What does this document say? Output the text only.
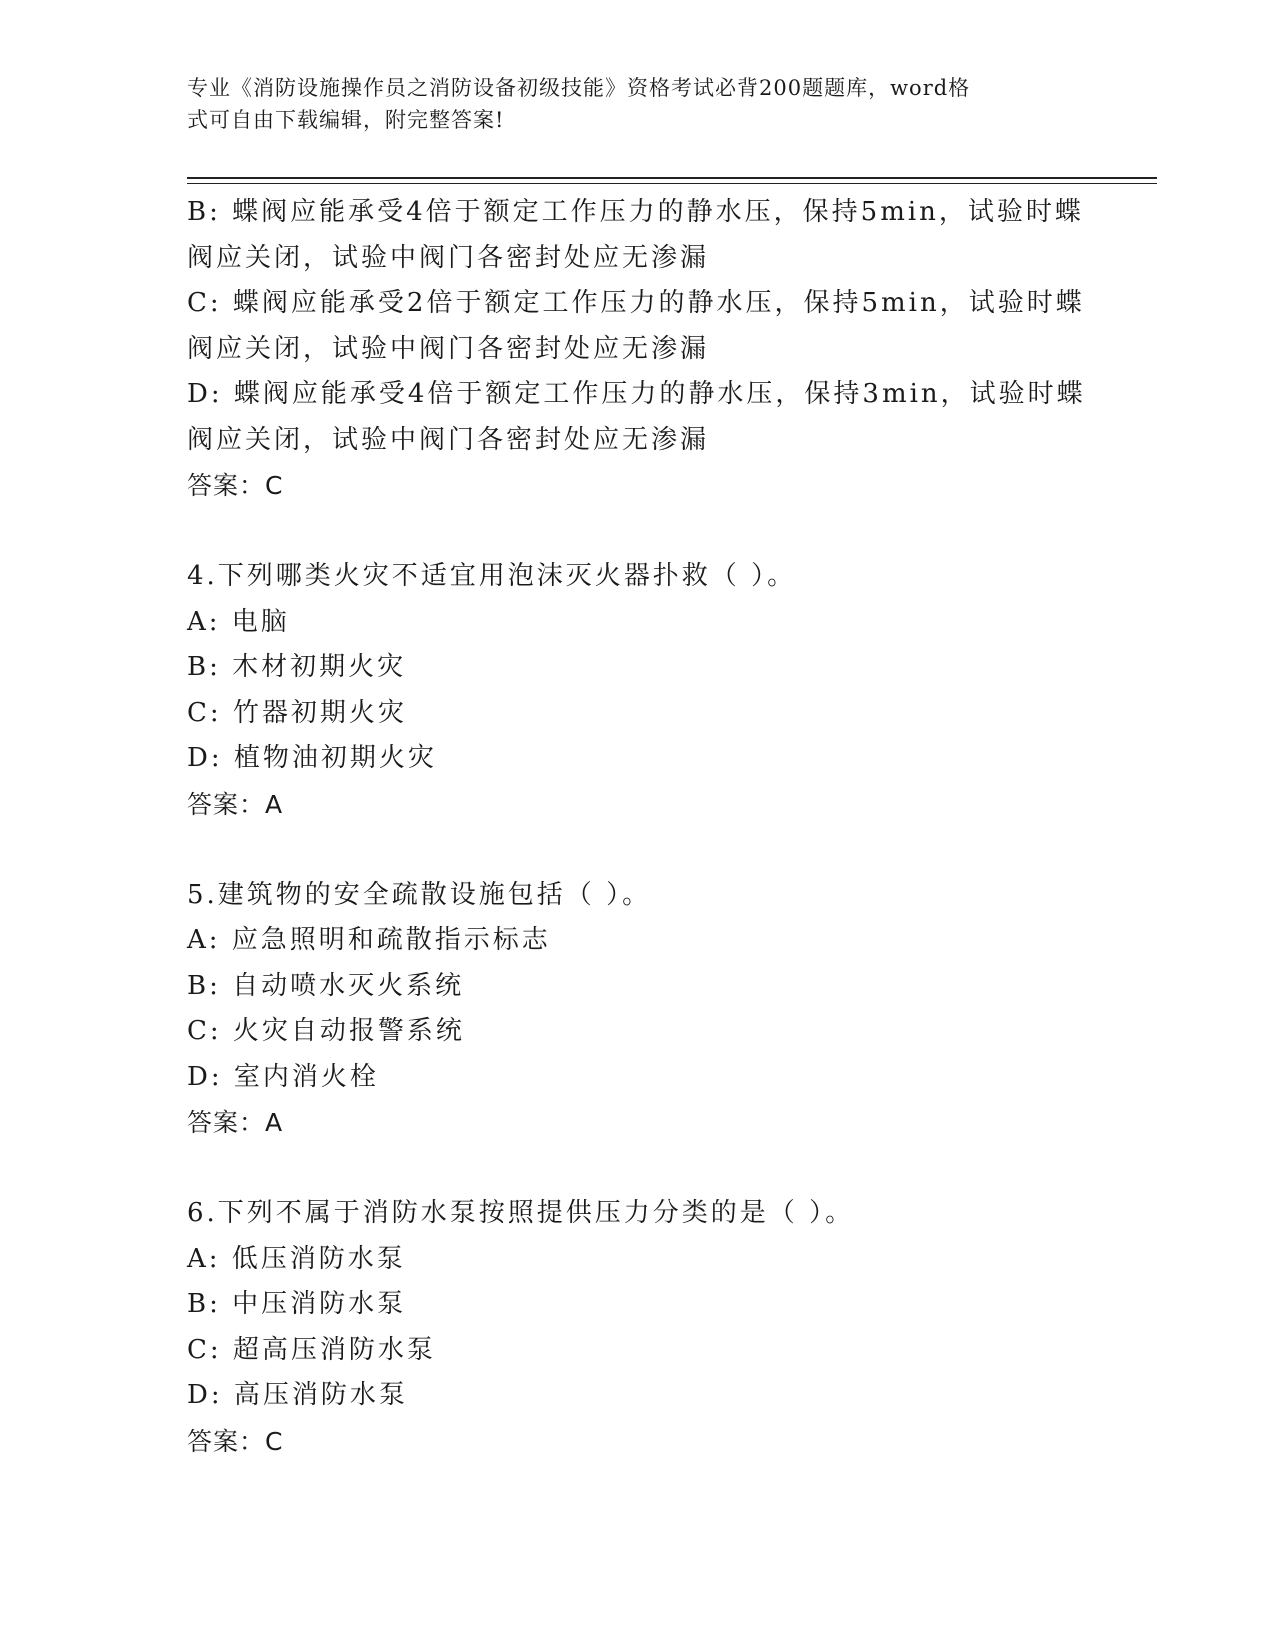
专业《消防设施操作员之消防设备初级技能》资格考试必背200题题库，word格
式可自由下载编辑，附完整答案!
B: 蝶阀应能承受4倍于额定工作压力的静水压，保持5min，试验时蝶
阀应关闭，试验中阀门各密封处应无渗漏
C: 蝶阀应能承受2倍于额定工作压力的静水压，保持5min，试验时蝶
阀应关闭，试验中阀门各密封处应无渗漏
D: 蝶阀应能承受4倍于额定工作压力的静水压，保持3min，试验时蝶
阀应关闭，试验中阀门各密封处应无渗漏
答案：C
4.下列哪类火灾不适宜用泡沫灭火器扑救（ ）。
A: 电脑
B: 木材初期火灾
C: 竹器初期火灾
D: 植物油初期火灾
答案：A
5.建筑物的安全疏散设施包括（ ）。
A: 应急照明和疏散指示标志
B: 自动喷水灭火系统
C: 火灾自动报警系统
D: 室内消火栓
答案：A
6.下列不属于消防水泵按照提供压力分类的是（ ）。
A: 低压消防水泵
B: 中压消防水泵
C: 超高压消防水泵
D: 高压消防水泵
答案：C
